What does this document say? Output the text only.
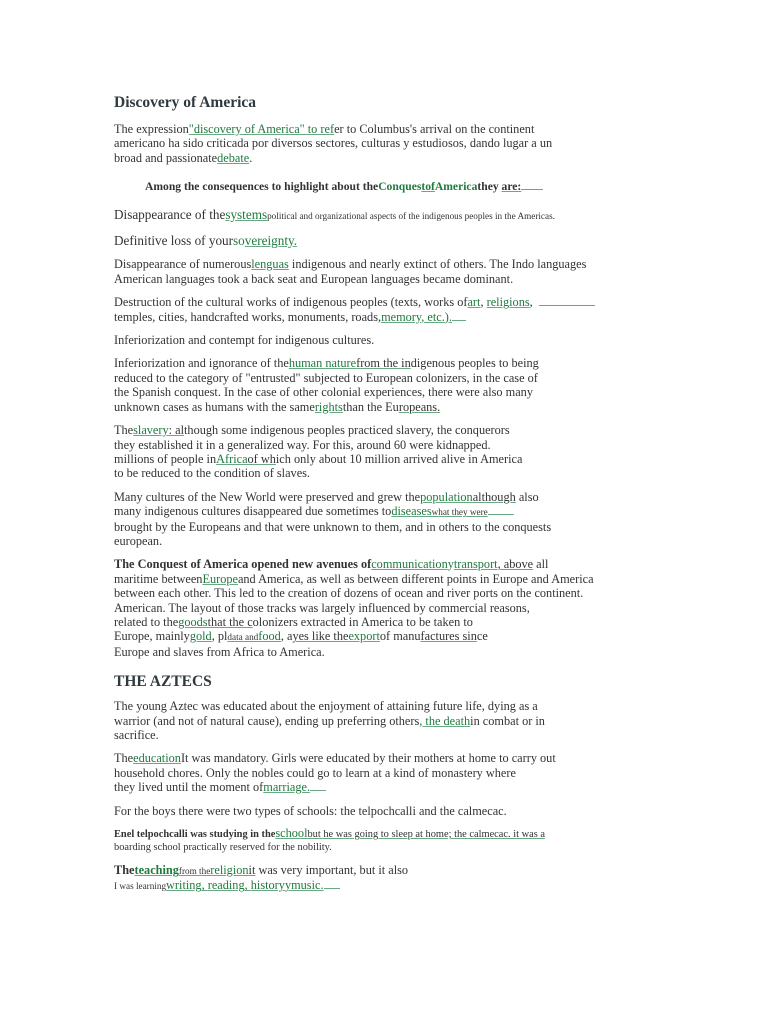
Discovery of America

The expression"discovery of America" to refer to Columbus's arrival on the continent
americano ha sido criticada por diversos sectores, culturas y estudiosos, dando lugar a un
broad and passionatedebate.

Among the consequences to highlight about theConquestofAmericathey are:

Disappearance of thesystemspolitical and organizational aspects of the indigenous peoples in the Americas.

Definitive loss of yoursovereignty.

Disappearance of numerouslenguas indigenous and nearly extinct of others. The Indo languages
American languages took a back seat and European languages became dominant.

Destruction of the cultural works of indigenous peoples (texts, works ofart, religions,
temples, cities, handcrafted works, monuments, roads,memory, etc.).

Inferiorization and contempt for indigenous cultures.

Inferiorization and ignorance of thehuman naturefrom the indigenous peoples to being
reduced to the category of "entrusted" subjected to European colonizers, in the case of
the Spanish conquest. In the case of other colonial experiences, there were also many
unknown cases as humans with the samerightsthan the Europeans.

Theslavery: although some indigenous peoples practiced slavery, the conquerors
they established it in a generalized way. For this, around 60 were kidnapped.
millions of people inAfricaof which only about 10 million arrived alive in America
to be reduced to the condition of slaves.

Many cultures of the New World were preserved and grew thepopulationalthough also
many indigenous cultures disappeared due sometimes todiseaseswhat they were
brought by the Europeans and that were unknown to them, and in others to the conquests
european.

The Conquest of America opened new avenues ofcommunicationytransport, above all
maritime betweenEuropeand America, as well as between different points in Europe and America
between each other. This led to the creation of dozens of ocean and river ports on the continent.
American. The layout of those tracks was largely influenced by commercial reasons,
related to thegoodsthat the colonizers extracted in America to be taken to
Europe, mainlygold, pldata andfood, ayes like theexportof manufactures since
Europe and slaves from Africa to America.

THE AZTECS

The young Aztec was educated about the enjoyment of attaining future life, dying as a
warrior (and not of natural cause), ending up preferring others, the deathin combat or in
sacrifice.

TheeducationIt was mandatory. Girls were educated by their mothers at home to carry out
household chores. Only the nobles could go to learn at a kind of monastery where
they lived until the moment ofmarriage.

For the boys there were two types of schools: the telpochcalli and the calmecac.

Enel telpochcalli was studying in theschoolbut he was going to sleep at home; the calmecac. it was a
boarding school practically reserved for the nobility.

Theteachingfrom thereligionit was very important, but it also
I was learningwriting, reading, historyymusic.
